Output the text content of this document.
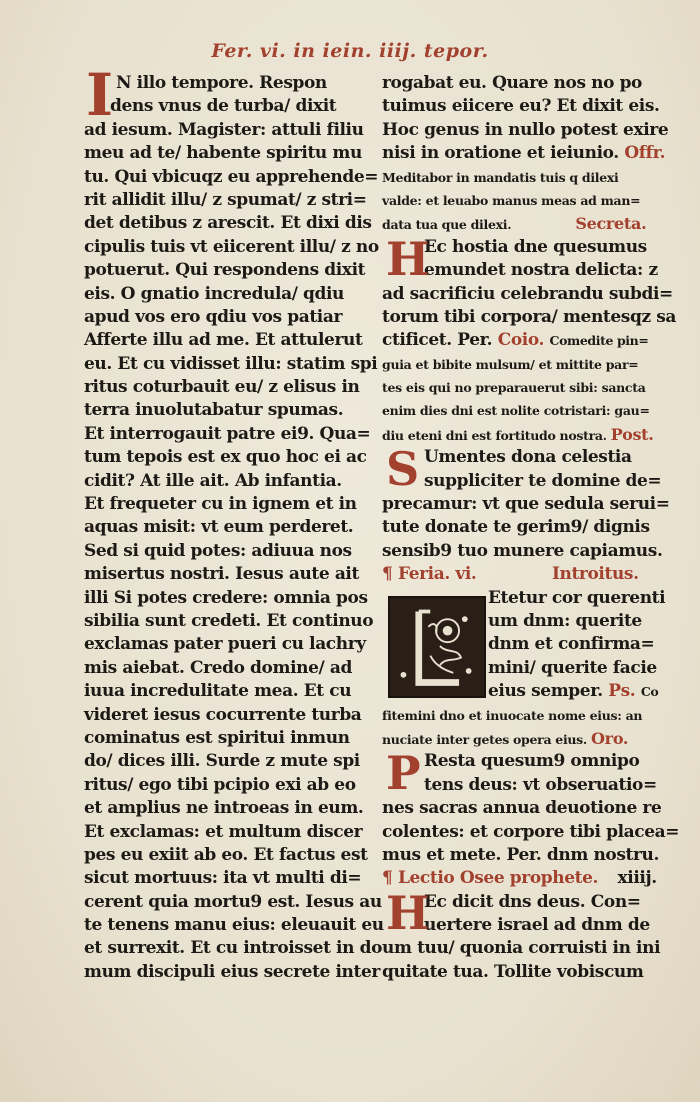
Fer. vi. in iein. iiij. tepor.
I N illo tempore. Respon
dens vnus de turba/ dixit
ad iesum. Magister: attuli filiu
meu ad te/ habente spiritu mu
tu. Qui vbicuqz eu apprehende=
rit allidit illu/ z spumat/ z stri=
det detibus z arescit. Et dixi dis
cipulis tuis vt eiicerent illu/ z no
potuerut. Qui respondens dixit
eis. O gnatio incredula/ qdiu
apud vos ero qdiu vos patiar
Afferte illu ad me. Et attulerut
eu. Et cu vidisset illu: statim spi
ritus coturbauit eu/ z elisus in
terra inuolutabatur spumas.
Et interrogauit patre ei9. Qua=
tum tepois est ex quo hoc ei ac
cidit? At ille ait. Ab infantia.
Et frequeter cu in ignem et in
aquas misit: vt eum perderet.
Sed si quid potes: adiuua nos
misertus nostri. Iesus aute ait
illi Si potes credere: omnia pos
sibilia sunt credeti. Et continuo
exclamas pater pueri cu lachry
mis aiebat. Credo domine/ ad
iuua incredulitate mea. Et cu
videret iesus cocurrente turba
cominatus est spiritui inmun
do/ dices illi. Surde z mute spi
ritus/ ego tibi pcipio exi ab eo
et amplius ne introeas in eum.
Et exclamas: et multum discer
pes eu exiit ab eo. Et factus est
sicut mortuus: ita vt multi di=
cerent quia mortu9 est. Iesus au
te tenens manu eius: eleuauit eu
et surrexit. Et cu introisset in do
mum discipuli eius secrete inter
rogabat eu. Quare nos no po
tuimus eiicere eu? Et dixit eis.
Hoc genus in nullo potest exire
nisi in oratione et ieiunio. Offr.
Meditabor in mandatis tuis q dilexi
valde: et leuabo manus meas ad man=
data tua que dilexi.	Secreta.
Ec hostia dne quesumus
emundet nostra delicta: z
ad sacrificiu celebrandu subdi=
torum tibi corpora/ mentesqz sa
ctificet. Per. Coio. Comedite pin=
guia et bibite mulsum/ et mittite par=
tes eis qui no preparauerut sibi: sancta
enim dies dni est nolite cotristari: gau=
diu eteni dni est fortitudo nostra. Post.
Umentes dona celestia
suppliciter te domine de=
precamur: vt que sedula serui=
tute donate te gerim9/ dignis
sensib9 tuo munere capiamus.
¶ Feria. vi.	Introitus.
Etetur cor querenti
um dnm: querite
dnm et confirma=
mini/ querite facie
eius semper. Ps. Co
fitemini dno et inuocate nome eius: an
nuciate inter getes opera eius. Oro.
Resta quesum9 omnipo
tens deus: vt obseruatio=
nes sacras annua deuotione re
colentes: et corpore tibi placea=
mus et mete. Per. dnm nostru.
¶ Lectio Osee prophete. xiiij.
Ec dicit dns deus. Con=
uertere israel ad dnm de
um tuu/ quonia corruisti in ini
quitate tua. Tollite vobiscum
H
S
P
H
